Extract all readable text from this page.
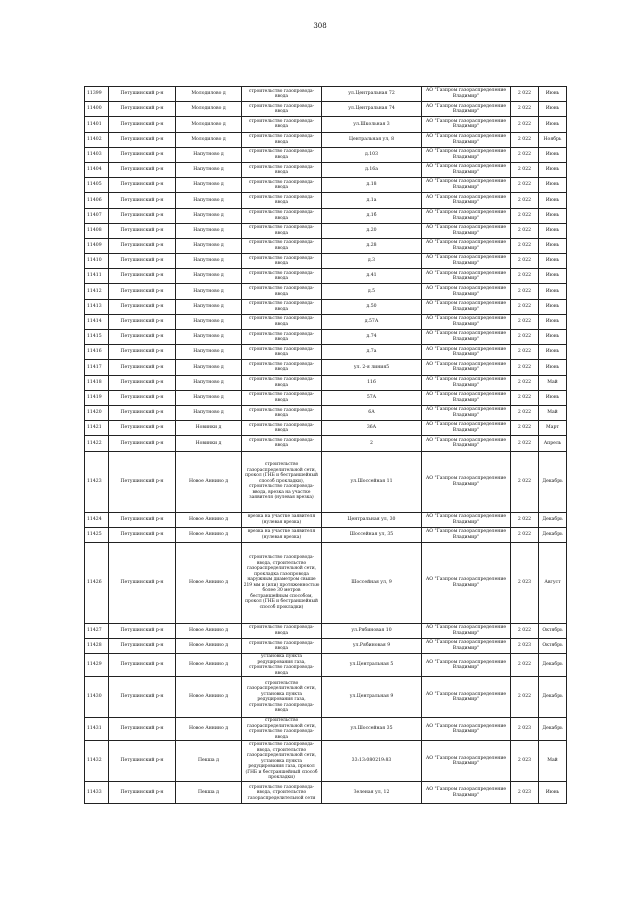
308
11399	Петушинский р-н	Молодилово д	строительство газопровода-ввода	ул.Центральная 72	АО "Газпром газораспределение Владимир"	2 022	Июнь
11400	Петушинский р-н	Молодилово д	строительство газопровода-ввода	ул.Центральная 74	АО "Газпром газораспределение Владимир"	2 022	Июнь
11401	Петушинский р-н	Молодилово д	строительство газопровода-ввода	ул.Школьная 3	АО "Газпром газораспределение Владимир"	2 022	Июнь
11402	Петушинский р-н	Молодилово д	строительство газопровода-ввода	Центральная ул, 8	АО "Газпром газораспределение Владимир"	2 022	Ноябрь
11403	Петушинский р-н	Напутново д	строительство газопровода-ввода	д.103	АО "Газпром газораспределение Владимир"	2 022	Июнь
11404	Петушинский р-н	Напутново д	строительство газопровода-ввода	д.16а	АО "Газпром газораспределение Владимир"	2 022	Июнь
11405	Петушинский р-н	Напутново д	строительство газопровода-ввода	д.18	АО "Газпром газораспределение Владимир"	2 022	Июнь
11406	Петушинский р-н	Напутново д	строительство газопровода-ввода	д.1а	АО "Газпром газораспределение Владимир"	2 022	Июнь
11407	Петушинский р-н	Напутново д	строительство газопровода-ввода	д.1б	АО "Газпром газораспределение Владимир"	2 022	Июнь
11408	Петушинский р-н	Напутново д	строительство газопровода-ввода	д.20	АО "Газпром газораспределение Владимир"	2 022	Июнь
11409	Петушинский р-н	Напутново д	строительство газопровода-ввода	д.28	АО "Газпром газораспределение Владимир"	2 022	Июнь
11410	Петушинский р-н	Напутново д	строительство газопровода-ввода	д.3	АО "Газпром газораспределение Владимир"	2 022	Июнь
11411	Петушинский р-н	Напутново д	строительство газопровода-ввода	д.41	АО "Газпром газораспределение Владимир"	2 022	Июнь
11412	Петушинский р-н	Напутново д	строительство газопровода-ввода	д.5	АО "Газпром газораспределение Владимир"	2 022	Июнь
11413	Петушинский р-н	Напутново д	строительство газопровода-ввода	д.50	АО "Газпром газораспределение Владимир"	2 022	Июнь
11414	Петушинский р-н	Напутново д	строительство газопровода-ввода	д.57А	АО "Газпром газораспределение Владимир"	2 022	Июнь
11415	Петушинский р-н	Напутново д	строительство газопровода-ввода	д.74	АО "Газпром газораспределение Владимир"	2 022	Июнь
11416	Петушинский р-н	Напутново д	строительство газопровода-ввода	д.7а	АО "Газпром газораспределение Владимир"	2 022	Июнь
11417	Петушинский р-н	Напутново д	строительство газопровода-ввода	ул. 2-я линия5	АО "Газпром газораспределение Владимир"	2 022	Июнь
11418	Петушинский р-н	Напутново д	строительство газопровода-ввода	116	АО "Газпром газораспределение Владимир"	2 022	Май
11419	Петушинский р-н	Напутново д	строительство газопровода-ввода	57А	АО "Газпром газораспределение Владимир"	2 022	Июнь
11420	Петушинский р-н	Напутново д	строительство газопровода-ввода	6А	АО "Газпром газораспределение Владимир"	2 022	Май
11421	Петушинский р-н	Новинки д	строительство газопровода-ввода	36А	АО "Газпром газораспределение Владимир"	2 022	Март
11422	Петушинский р-н	Новинки д	строительство газопровода-ввода	2	АО "Газпром газораспределение Владимир"	2 022	Апрель
11423	Петушинский р-н	Новое Аннино д	строительство газораспределительной сети, прокол (ГНБ и бестраншейный способ прокладки), строительство газопровода-ввода, врезка на участке заявителя (нулевая врезка)	ул.Шоссейная 11	АО "Газпром газораспределение Владимир"	2 022	Декабрь
11424	Петушинский р-н	Новое Аннино д	врезка на участке заявителя (нулевая врезка)	Центральная ул, 30	АО "Газпром газораспределение Владимир"	2 022	Декабрь
11425	Петушинский р-н	Новое Аннино д	врезка на участке заявителя (нулевая врезка)	Шоссейная ул, 35	АО "Газпром газораспределение Владимир"	2 022	Декабрь
11426	Петушинский р-н	Новое Аннино д	строительство газопровода-ввода, строительство газораспределительной сети, прокладка газопровода наружным диаметром свыше 219 мм и (или) протяженностью более 30 метров бестраншейным способом, прокол (ГНБ и бестраншейный способ прокладки)	Шоссейная ул, 9	АО "Газпром газораспределение Владимир"	2 023	Август
11427	Петушинский р-н	Новое Аннино д	строительство газопровода-ввода	ул.Рябиновая 10	АО "Газпром газораспределение Владимир"	2 022	Октябрь
11428	Петушинский р-н	Новое Аннино д	строительство газопровода-ввода	ул.Рябиновая 9	АО "Газпром газораспределение Владимир"	2 023	Октябрь
11429	Петушинский р-н	Новое Аннино д	установка пункта редуцирования газа, строительство газопровода-ввода	ул.Центральная 5	АО "Газпром газораспределение Владимир"	2 022	Декабрь
11430	Петушинский р-н	Новое Аннино д	строительство газораспределительной сети, установка пункта редуцирования газа, строительство газопровода-ввода	ул.Центральная 9	АО "Газпром газораспределение Владимир"	2 022	Декабрь
11431	Петушинский р-н	Новое Аннино д	строительство газораспределительной сети, строительство газопровода-ввода	ул.Шоссейная 35	АО "Газпром газораспределение Владимир"	2 023	Декабрь
11432	Петушинский р-н	Пекша д	строительство газопровода-ввода, строительство газораспределительной сети, установка пункта редуцирования газа, прокол (ГНБ и бестраншейный способ прокладки)	33:13:080219:83	АО "Газпром газораспределение Владимир"	2 023	Май
11433	Петушинский р-н	Пекша д	строительство газопровода-ввода, строительство газораспределительной сети	Зеленая ул, 12	АО "Газпром газораспределение Владимир"	2 023	Июнь
